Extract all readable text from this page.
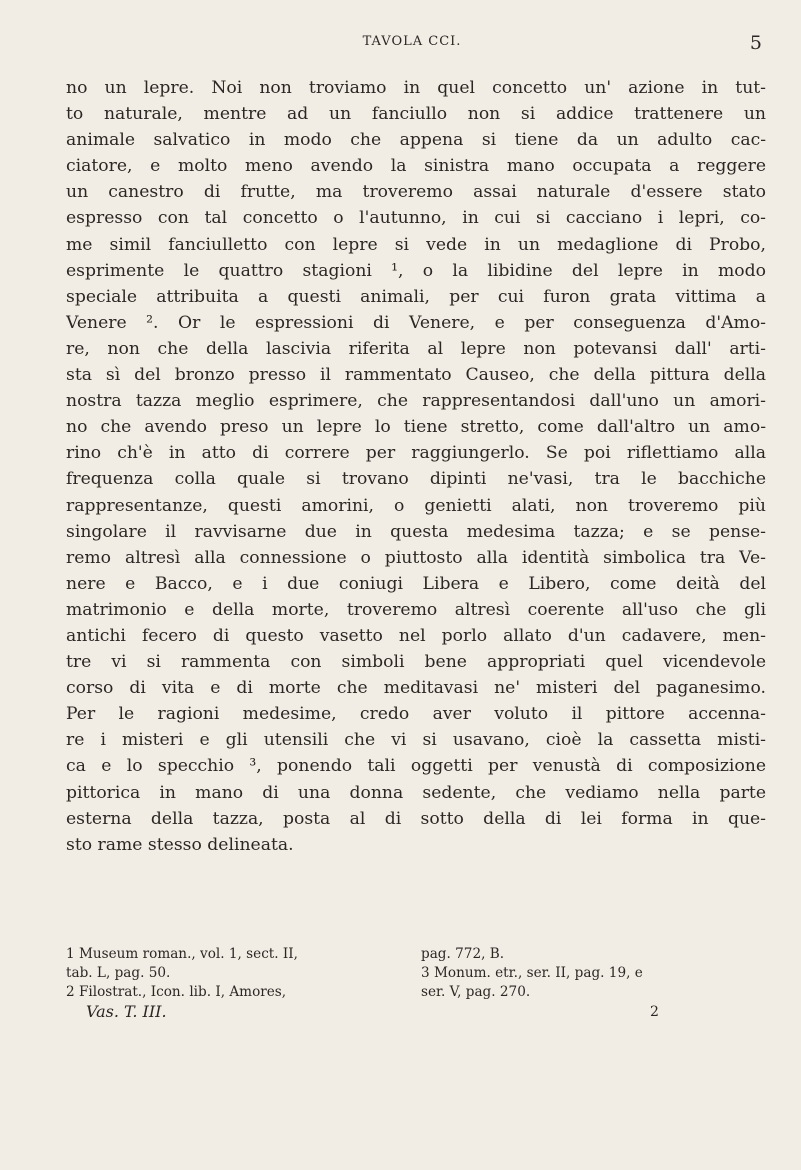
TAVOLA CCI.	5
no un lepre. Noi non troviamo in quel concetto un' azione in tut-
to naturale, mentre ad un fanciullo non si addice trattenere un
animale salvatico in modo che appena si tiene da un adulto cac-
ciatore, e molto meno avendo la sinistra mano occupata a reggere
un canestro di frutte, ma troveremo assai naturale d'essere stato
espresso con tal concetto o l'autunno, in cui si cacciano i lepri, co-
me simil fanciulletto con lepre si vede in un medaglione di Probo,
esprimente le quattro stagioni ¹, o la libidine del lepre in modo
speciale attribuita a questi animali, per cui furon grata vittima a
Venere ². Or le espressioni di Venere, e per conseguenza d'Amo-
re, non che della lascivia riferita al lepre non potevansi dall' arti-
sta sì del bronzo presso il rammentato Causeo, che della pittura della
nostra tazza meglio esprimere, che rappresentandosi dall'uno un amori-
no che avendo preso un lepre lo tiene stretto, come dall'altro un amo-
rino ch'è in atto di correre per raggiungerlo. Se poi riflettiamo alla
frequenza colla quale si trovano dipinti ne'vasi, tra le bacchiche
rappresentanze, questi amorini, o genietti alati, non troveremo più
singolare il ravvisarne due in questa medesima tazza; e se pense-
remo altresì alla connessione o piuttosto alla identità simbolica tra Ve-
nere e Bacco, e i due coniugi Libera e Libero, come deità del
matrimonio e della morte, troveremo altresì coerente all'uso che gli
antichi fecero di questo vasetto nel porlo allato d'un cadavere, men-
tre vi si rammenta con simboli bene appropriati quel vicendevole
corso di vita e di morte che meditavasi ne' misteri del paganesimo.
Per le ragioni medesime, credo aver voluto il pittore accenna-
re i misteri e gli utensili che vi si usavano, cioè la cassetta misti-
ca e lo specchio ³, ponendo tali oggetti per venustà di composizione
pittorica in mano di una donna sedente, che vediamo nella parte
esterna della tazza, posta al di sotto della di lei forma in que-
sto rame stesso delineata.
1 Museum roman., vol. 1, sect. II,
tab. L, pag. 50.
2 Filostrat., Icon. lib. I, Amores,
pag. 772, B.
3 Monum. etr., ser. II, pag. 19, e
ser. V, pag. 270.
Vas. T. III.	2
